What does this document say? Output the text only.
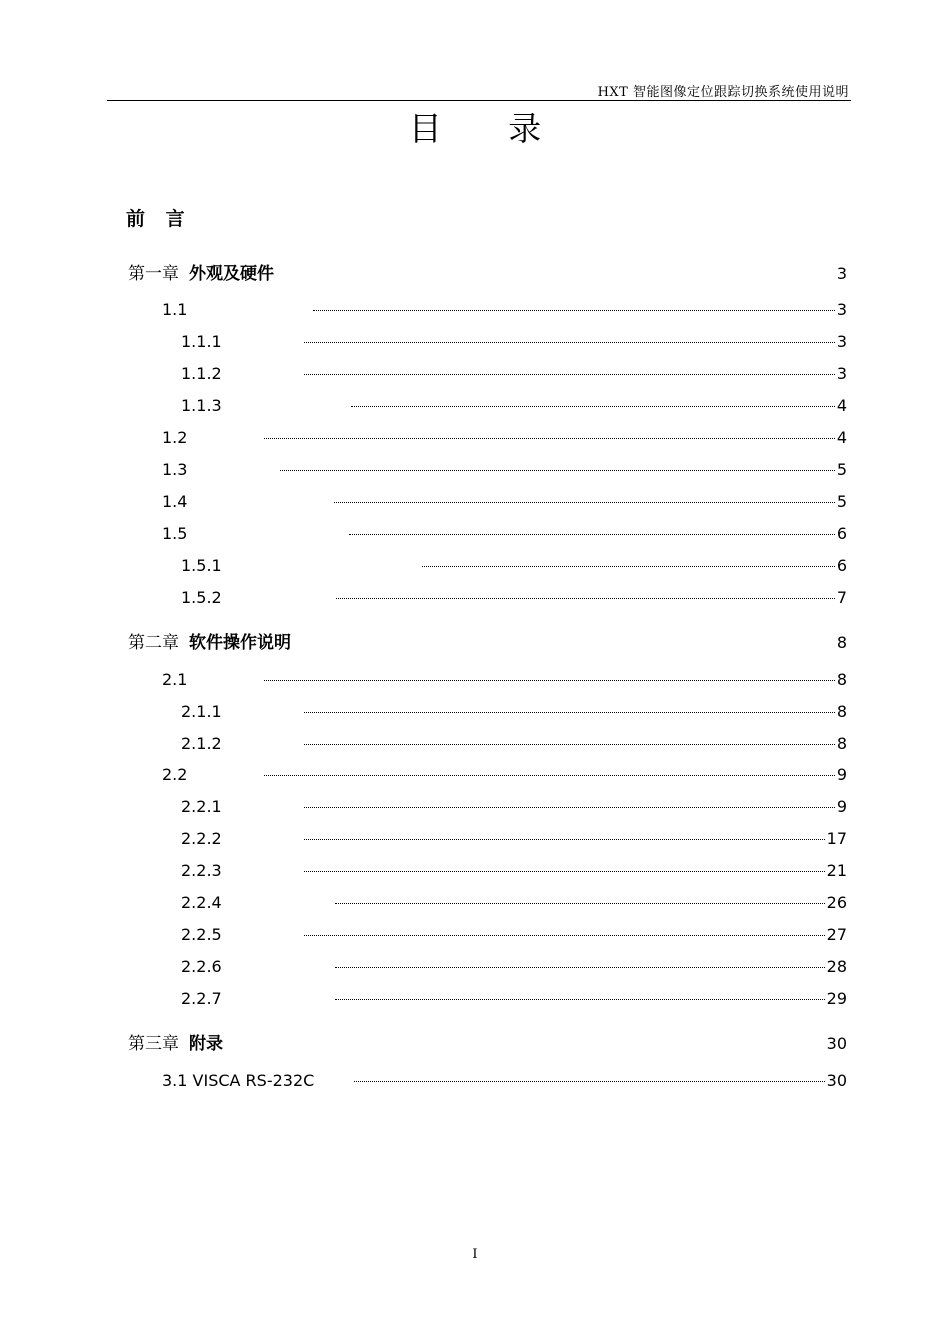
HXT 智能图像定位跟踪切换系统使用说明
目 录
前 言
第一章 外观及硬件	3
1.1	3
1.1.1	3
1.1.2	3
1.1.3	4
1.2	4
1.3	5
1.4	5
1.5	6
1.5.1	6
1.5.2	7
第二章 软件操作说明	8
2.1	8
2.1.1	8
2.1.2	8
2.2	9
2.2.1	9
2.2.2	17
2.2.3	21
2.2.4	26
2.2.5	27
2.2.6	28
2.2.7	29
第三章 附录	30
3.1 VISCA RS-232C	30
I
